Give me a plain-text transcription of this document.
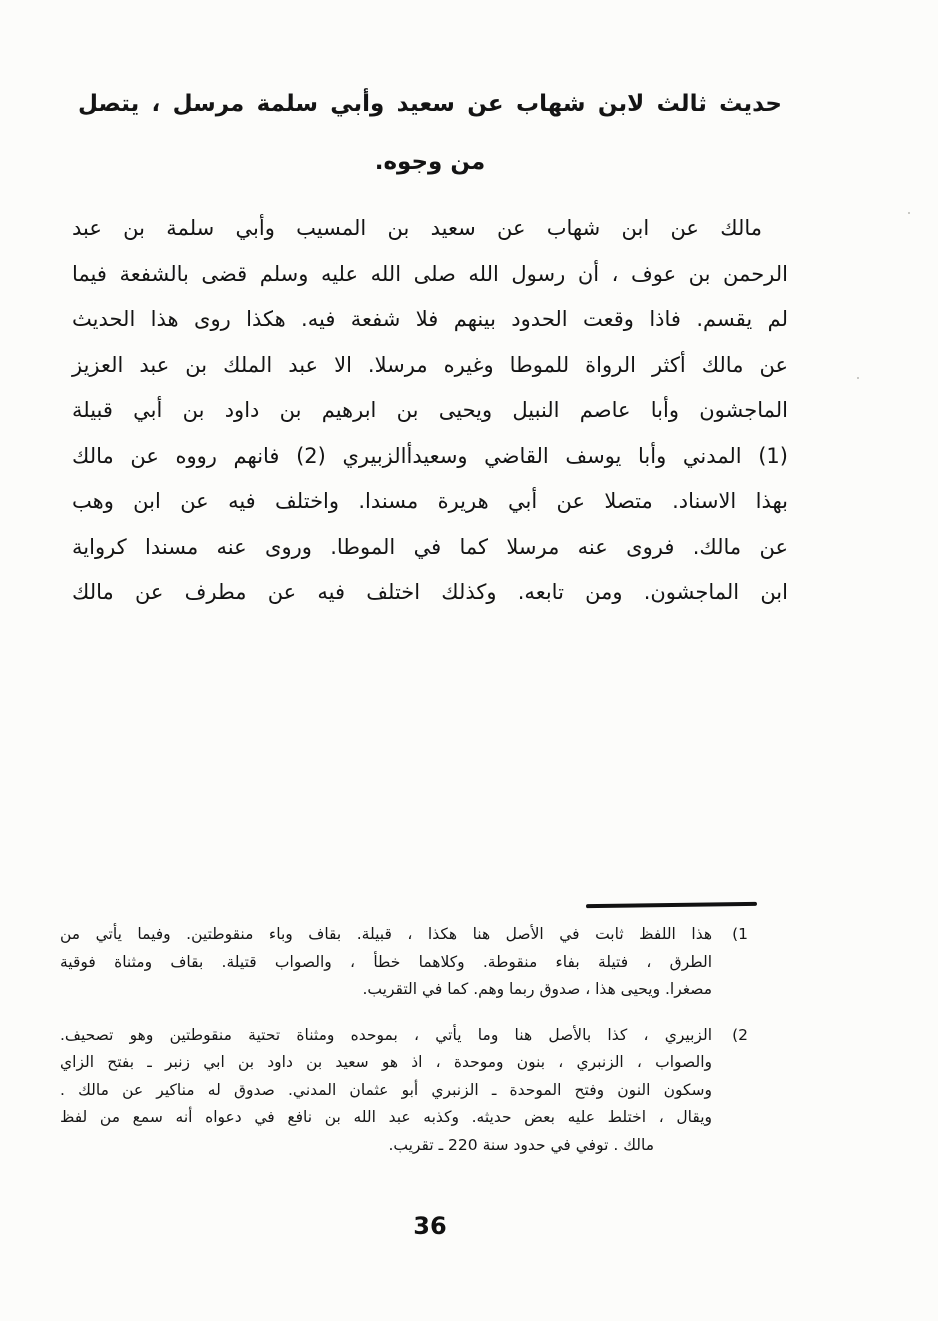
حديث ثالث لابن شهاب عن سعيد وأبي سلمة مرسل ، يتصل
من وجوه.
مالك عن ابن شهاب عن سعيد بن المسيب وأبي سلمة بن عبد
الرحمن بن عوف ، أن رسول الله صلى الله عليه وسلم قضى بالشفعة فيما
لم يقسم. فاذا وقعت الحدود بينهم فلا شفعة فيه. هكذا روى هذا الحديث
عن مالك أكثر الرواة للموطا وغيره مرسلا. الا عبد الملك بن عبد العزيز
الماجشون وأبا عاصم النبيل ويحيى بن ابرهيم بن داود بن أبي قبيلة
(1) المدني وأبا يوسف القاضي وسعيدأالزبيري (2) فانهم رووه عن مالك
بهذا الاسناد. متصلا عن أبي هريرة مسندا. واختلف فيه عن ابن وهب
عن مالك. فروى عنه مرسلا كما في الموطا. وروى عنه مسندا كرواية
ابن الماجشون. ومن تابعه. وكذلك اختلف فيه عن مطرف عن مالك
1)
هذا اللفظ ثابت في الأصل هنا هكذا ، قبيلة. بقاف وباء منقوطتين. وفيما يأتي من
الطرق ، فتيلة بفاء منقوطة. وكلاهما خطأ ، والصواب قتيلة. بقاف ومثناة فوقية
مصغرا. ويحيى هذا ، صدوق ربما وهم. كما في التقريب.
2)
الزبيري ، كذا بالأصل هنا وما يأتي ، بموحده ومثناة تحتية منقوطتين وهو تصحيف.
والصواب ، الزنبري ، بنون وموحدة ، اذ هو سعيد بن داود بن ابي زنبر ـ بفتح الزاي
وسكون النون وفتح الموحدة ـ الزنبري أبو عثمان المدني. صدوق له مناكير عن مالك .
ويقال ، اختلط عليه بعض حديثه. وكذبه عبد الله بن نافع في دعواه أنه سمع من لفظ
مالك . توفي في حدود سنة 220 ـ تقريب.
36
